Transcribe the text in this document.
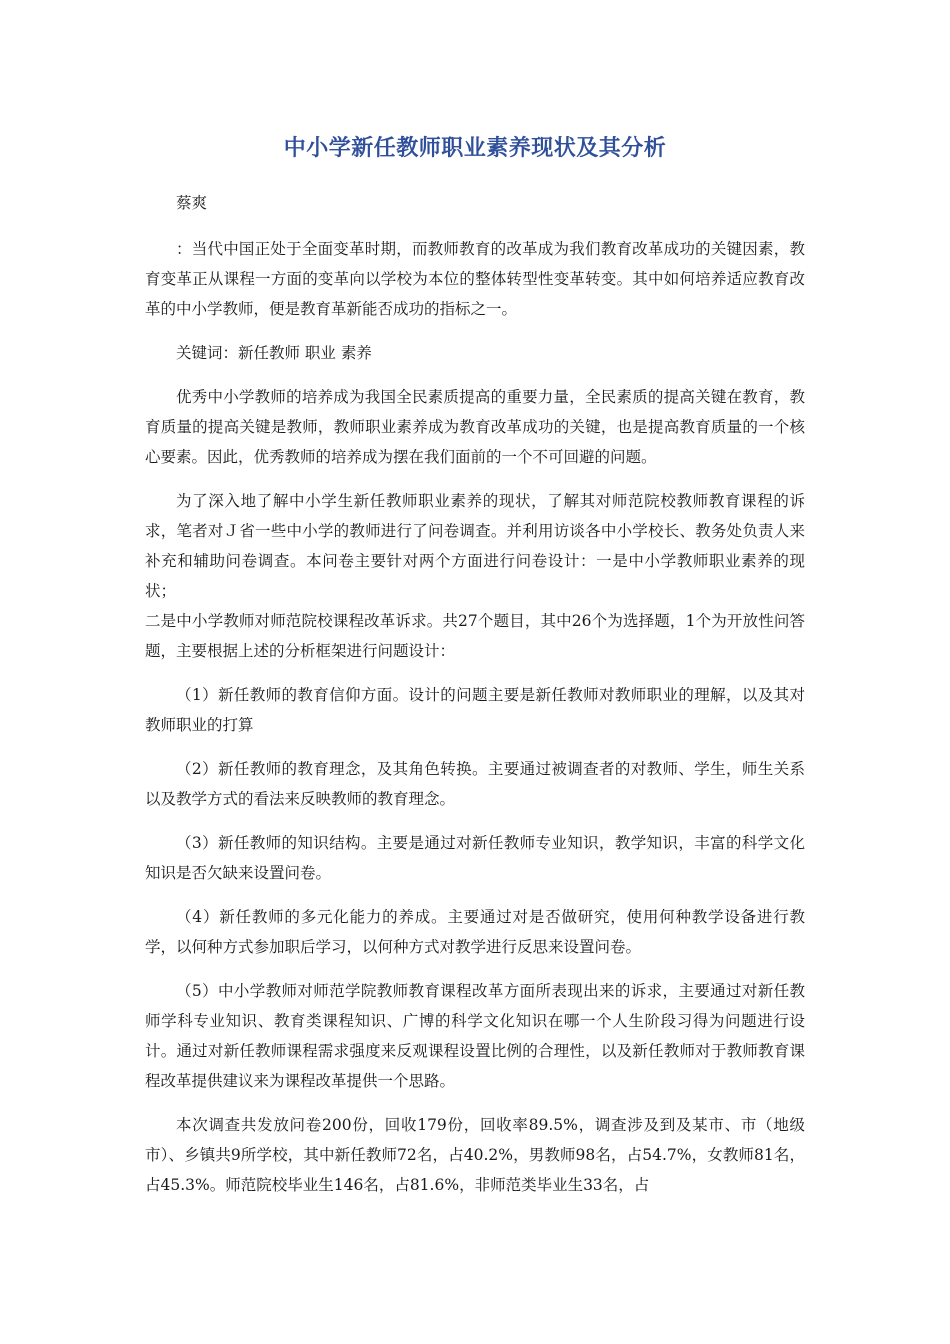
中小学新任教师职业素养现状及其分析
蔡爽
：当代中国正处于全面变革时期，而教师教育的改革成为我们教育改革成功的关键因素，教育变革正从课程一方面的变革向以学校为本位的整体转型性变革转变。其中如何培养适应教育改革的中小学教师，便是教育革新能否成功的指标之一。
关键词：新任教师 职业 素养
优秀中小学教师的培养成为我国全民素质提高的重要力量，全民素质的提高关键在教育，教育质量的提高关键是教师，教师职业素养成为教育改革成功的关键，也是提高教育质量的一个核心要素。因此，优秀教师的培养成为摆在我们面前的一个不可回避的问题。
为了深入地了解中小学生新任教师职业素养的现状，了解其对师范院校教师教育课程的诉求，笔者对Ｊ省一些中小学的教师进行了问卷调查。并利用访谈各中小学校长、教务处负责人来补充和辅助问卷调查。本问卷主要针对两个方面进行问卷设计：一是中小学教师职业素养的现状；
二是中小学教师对师范院校课程改革诉求。共27个题目，其中26个为选择题，1个为开放性问答题，主要根据上述的分析框架进行问题设计：
（1）新任教师的教育信仰方面。设计的问题主要是新任教师对教师职业的理解，以及其对教师职业的打算
（2）新任教师的教育理念，及其角色转换。主要通过被调查者的对教师、学生，师生关系以及教学方式的看法来反映教师的教育理念。
（3）新任教师的知识结构。主要是通过对新任教师专业知识，教学知识，丰富的科学文化知识是否欠缺来设置问卷。
（4）新任教师的多元化能力的养成。主要通过对是否做研究，使用何种教学设备进行教学，以何种方式参加职后学习，以何种方式对教学进行反思来设置问卷。
（5）中小学教师对师范学院教师教育课程改革方面所表现出来的诉求，主要通过对新任教师学科专业知识、教育类课程知识、广博的科学文化知识在哪一个人生阶段习得为问题进行设计。通过对新任教师课程需求强度来反观课程设置比例的合理性，以及新任教师对于教师教育课程改革提供建议来为课程改革提供一个思路。
本次调查共发放问卷200份，回收179份，回收率89.5%，调查涉及到及某市、市（地级市）、乡镇共9所学校，其中新任教师72名，占40.2%，男教师98名，占54.7%，女教师81名，占45.3%。师范院校毕业生146名，占81.6%，非师范类毕业生33名，占
